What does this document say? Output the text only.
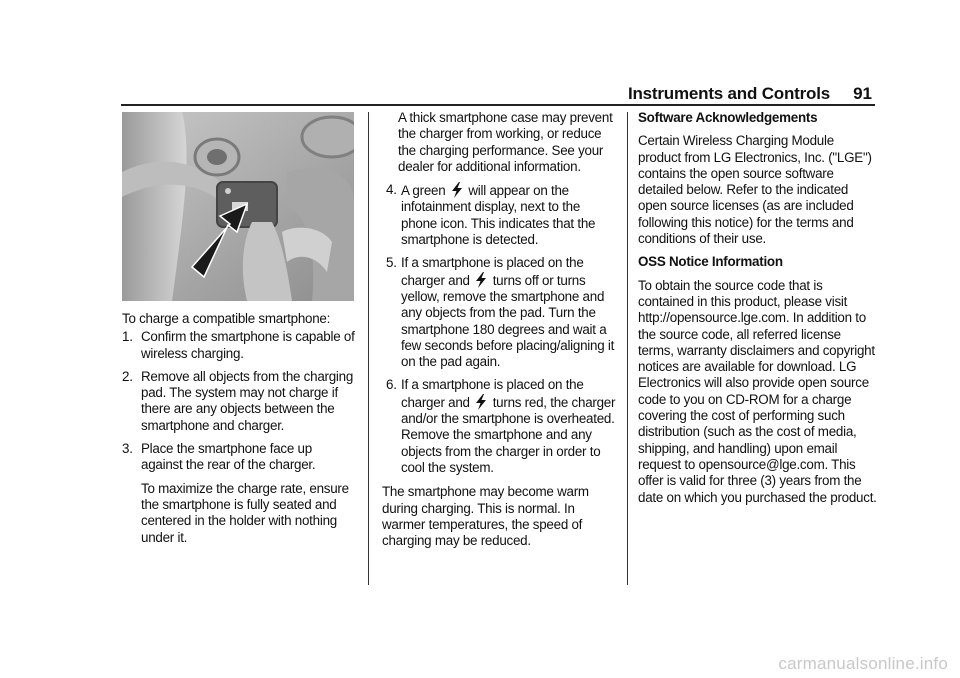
Instruments and Controls 91

To charge a compatible smartphone:

1. Confirm the smartphone is capable of wireless charging.
2. Remove all objects from the charging pad. The system may not charge if there are any objects between the smartphone and charger.
3. Place the smartphone face up against the rear of the charger.
To maximize the charge rate, ensure the smartphone is fully seated and centered in the holder with nothing under it.
A thick smartphone case may prevent the charger from working, or reduce the charging performance. See your dealer for additional information.
4. A green will appear on the infotainment display, next to the phone icon. This indicates that the smartphone is detected.
5. If a smartphone is placed on the charger and turns off or turns yellow, remove the smartphone and any objects from the pad. Turn the smartphone 180 degrees and wait a few seconds before placing/aligning it on the pad again.
6. If a smartphone is placed on the charger and turns red, the charger and/or the smartphone is overheated. Remove the smartphone and any objects from the charger in order to cool the system.

The smartphone may become warm during charging. This is normal. In warmer temperatures, the speed of charging may be reduced.

Software Acknowledgements

Certain Wireless Charging Module product from LG Electronics, Inc. ("LGE") contains the open source software detailed below. Refer to the indicated open source licenses (as are included following this notice) for the terms and conditions of their use.

OSS Notice Information

To obtain the source code that is contained in this product, please visit http://opensource.lge.com. In addition to the source code, all referred license terms, warranty disclaimers and copyright notices are available for download. LG Electronics will also provide open source code to you on CD-ROM for a charge covering the cost of performing such distribution (such as the cost of media, shipping, and handling) upon email request to opensource@lge.com. This offer is valid for three (3) years from the date on which you purchased the product.

carmanualsonline.info
